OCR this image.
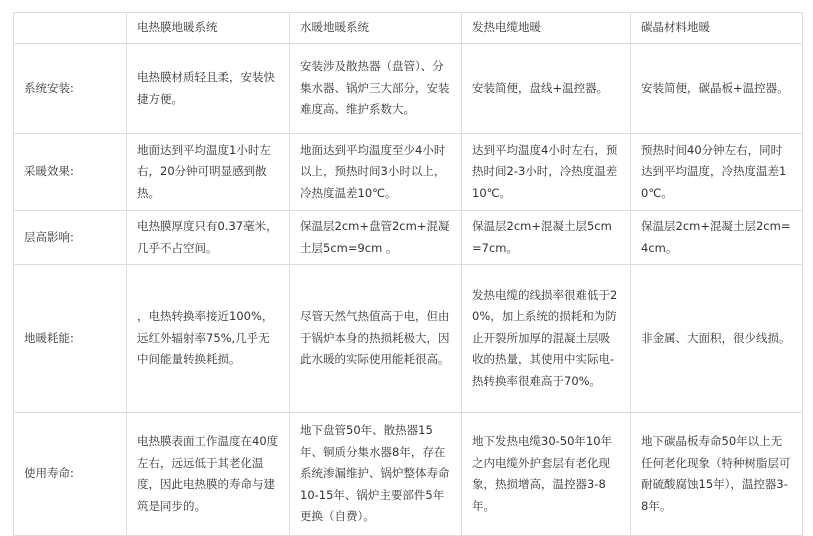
	电热膜地暖系统	水暖地暖系统	发热电缆地暖	碳晶材料地暖
系统安装:	电热膜材质轻且柔，安装快捷方便。	安装涉及散热器（盘管）、分集水器、锅炉三大部分，安装难度高、维护系数大。	安装简便，盘线+温控器。	安装简便，碳晶板+温控器。
采暖效果:	地面达到平均温度1小时左右，20分钟可明显感到散热。	地面达到平均温度至少4小时以上，预热时间3小时以上，冷热度温差10℃。	达到平均温度4小时左右，预热时间2-3小时，冷热度温差10℃。	预热时间40分钟左右，同时达到平均温度，冷热度温差10℃。
层高影响:	电热膜厚度只有0.37毫米，几乎不占空间。	保温层2cm+盘管2cm+混凝土层5cm=9cm 。	保温层2cm+混凝土层5cm=7cm。	保温层2cm+混凝土层2cm=4cm。
地暖耗能:	，电热转换率接近100%，远红外辐射率75%,几乎无中间能量转换耗损。	尽管天然气热值高于电，但由于锅炉本身的热损耗极大，因此水暖的实际使用能耗很高。	发热电缆的线损率很难低于20%，加上系统的损耗和为防止开裂所加厚的混凝土层吸收的热量，其使用中实际电-热转换率很难高于70%。	非金属、大面积，很少线损。
使用寿命:	电热膜表面工作温度在40度左右，远远低于其老化温度，因此电热膜的寿命与建筑是同步的。	地下盘管50年、散热器15年、铜质分集水器8年，存在系统渗漏维护、锅炉整体寿命10-15年、锅炉主要部件5年更换（自费）。	地下发热电缆30-50年10年之内电缆外护套层有老化现象，热损增高，温控器3-8年。	地下碳晶板寿命50年以上无任何老化现象（特种树脂层可耐硫酸腐蚀15年），温控器3-8年。
